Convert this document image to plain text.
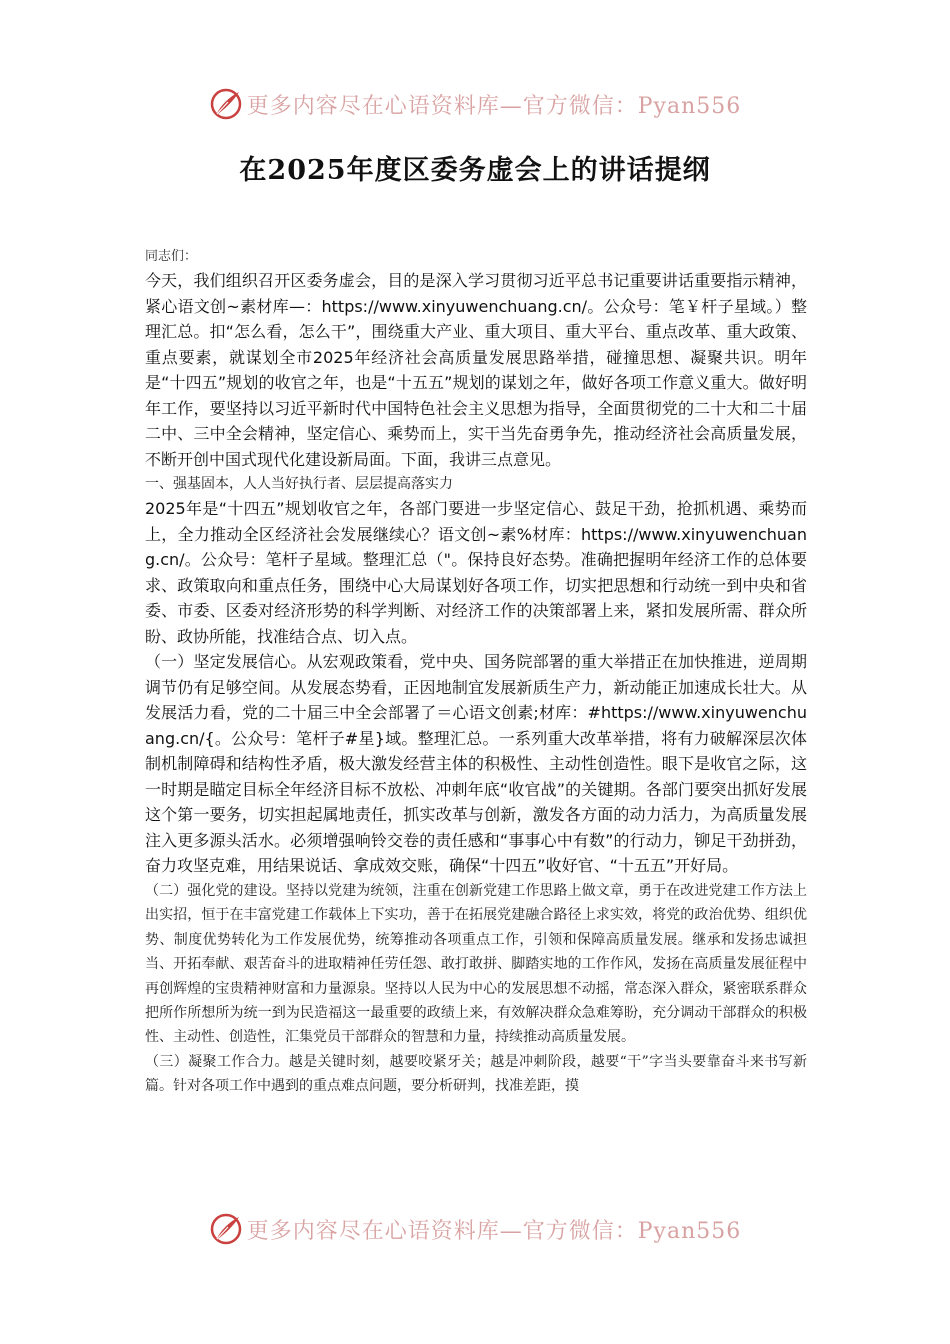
更多内容尽在心语资料库—官方微信：Pyan556
在2025年度区委务虚会上的讲话提纲

同志们：

今天，我们组织召开区委务虚会，目的是深入学习贯彻习近平总书记重要讲话重要指示精神，紧心语文创~素材库—：https://www.xinyuwenchuang.cn/。公众号：笔￥杆子星域。）整理汇总。扣“怎么看，怎么干”，围绕重大产业、重大项目、重大平台、重点改革、重大政策、重点要素，就谋划全市2025年经济社会高质量发展思路举措，碰撞思想、凝聚共识。明年是“十四五”规划的收官之年，也是“十五五”规划的谋划之年，做好各项工作意义重大。做好明年工作，要坚持以习近平新时代中国特色社会主义思想为指导，全面贯彻党的二十大和二十届二中、三中全会精神，坚定信心、乘势而上，实干当先奋勇争先，推动经济社会高质量发展，不断开创中国式现代化建设新局面。下面，我讲三点意见。

一、强基固本，人人当好执行者、层层提高落实力

2025年是“十四五”规划收官之年，各部门要进一步坚定信心、鼓足干劲，抢抓机遇、乘势而上，全力推动全区经济社会发展继续心？语文创~素%材库：https://www.xinyuwenchuang.cn/。公众号：笔杆子星域。整理汇总（"。保持良好态势。准确把握明年经济工作的总体要求、政策取向和重点任务，围绕中心大局谋划好各项工作，切实把思想和行动统一到中央和省委、市委、区委对经济形势的科学判断、对经济工作的决策部署上来，紧扣发展所需、群众所盼、政协所能，找准结合点、切入点。

（一）坚定发展信心。从宏观政策看，党中央、国务院部署的重大举措正在加快推进，逆周期调节仍有足够空间。从发展态势看，正因地制宜发展新质生产力，新动能正加速成长壮大。从发展活力看，党的二十届三中全会部署了＝心语文创素;材库：#https://www.xinyuwenchuang.cn/{。公众号：笔杆子#星}域。整理汇总。一系列重大改革举措，将有力破解深层次体制机制障碍和结构性矛盾，极大激发经营主体的积极性、主动性创造性。眼下是收官之际，这一时期是瞄定目标全年经济目标不放松、冲刺年底“收官战”的关键期。各部门要突出抓好发展这个第一要务，切实担起属地责任，抓实改革与创新，激发各方面的动力活力，为高质量发展注入更多源头活水。必须增强响铃交卷的责任感和“事事心中有数”的行动力，铆足干劲拼劲，奋力攻坚克难，用结果说话、拿成效交账，确保“十四五”收好官、“十五五”开好局。

（二）强化党的建设。坚持以党建为统领，注重在创新党建工作思路上做文章，勇于在改进党建工作方法上出实招，恒于在丰富党建工作载体上下实功，善于在拓展党建融合路径上求实效，将党的政治优势、组织优势、制度优势转化为工作发展优势，统筹推动各项重点工作，引领和保障高质量发展。继承和发扬忠诚担当、开拓奉献、艰苦奋斗的进取精神任劳任怨、敢打敢拼、脚踏实地的工作作风，发扬在高质量发展征程中再创辉煌的宝贵精神财富和力量源泉。坚持以人民为中心的发展思想不动摇，常态深入群众，紧密联系群众把所作所想所为统一到为民造福这一最重要的政绩上来，有效解决群众急难筹盼，充分调动干部群众的积极性、主动性、创造性，汇集党员干部群众的智慧和力量，持续推动高质量发展。

（三）凝聚工作合力。越是关键时刻，越要咬紧牙关；越是冲刺阶段，越要“干”字当头要靠奋斗来书写新篇。针对各项工作中遇到的重点难点问题，要分析研判，找准差距，摸

更多内容尽在心语资料库—官方微信：Pyan556
